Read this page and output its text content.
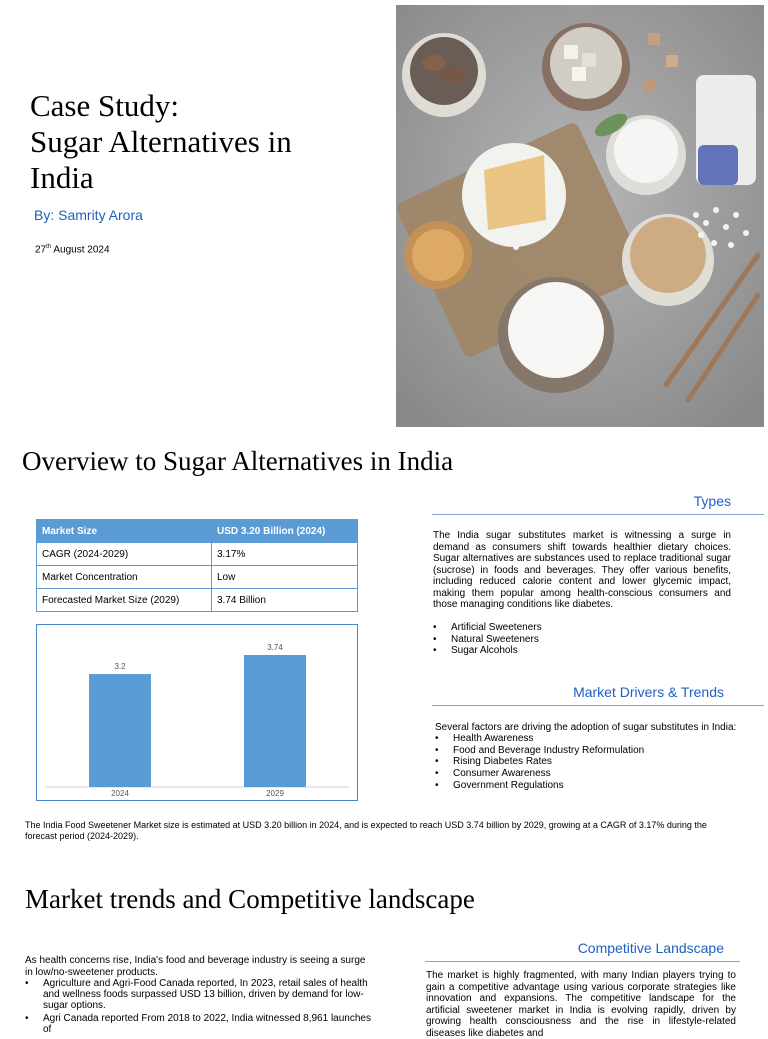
Case Study:
Sugar Alternatives in
India
By: Samrity Arora
27th August 2024
Overview to Sugar Alternatives in India
Market Size	USD 3.20 Billion (2024)
CAGR (2024-2029)	3.17%
Market Concentration	Low
Forecasted Market Size (2029)	3.74 Billion
3.2
2024
3.74
2029
Types
The India sugar substitutes market is witnessing a surge in demand as consumers shift towards healthier dietary choices. Sugar alternatives are substances used to replace traditional sugar (sucrose) in foods and beverages. They offer various benefits, including reduced calorie content and lower glycemic impact, making them popular among health-conscious consumers and those managing conditions like diabetes.
• Artificial Sweeteners
• Natural Sweeteners
• Sugar Alcohols
Market Drivers & Trends
Several factors are driving the adoption of sugar substitutes in India:
• Health Awareness
• Food and Beverage Industry Reformulation
• Rising Diabetes Rates
• Consumer Awareness
• Government Regulations
The India Food Sweetener Market size is estimated at USD 3.20 billion in 2024, and is expected to reach USD 3.74 billion by 2029, growing at a CAGR of 3.17% during the forecast period (2024-2029).
Market trends and Competitive landscape
As health concerns rise, India's food and beverage industry is seeing a surge in low/no-sweetener products.
• Agriculture and Agri-Food Canada reported, In 2023, retail sales of health and wellness foods surpassed USD 13 billion, driven by demand for low-sugar options.
• Agri Canada reported From 2018 to 2022, India witnessed 8,961 launches of
Competitive Landscape
The market is highly fragmented, with many Indian players trying to gain a competitive advantage using various corporate strategies like innovation and expansions. The competitive landscape for the artificial sweetener market in India is evolving rapidly, driven by growing health consciousness and the rise in lifestyle-related diseases like diabetes and
